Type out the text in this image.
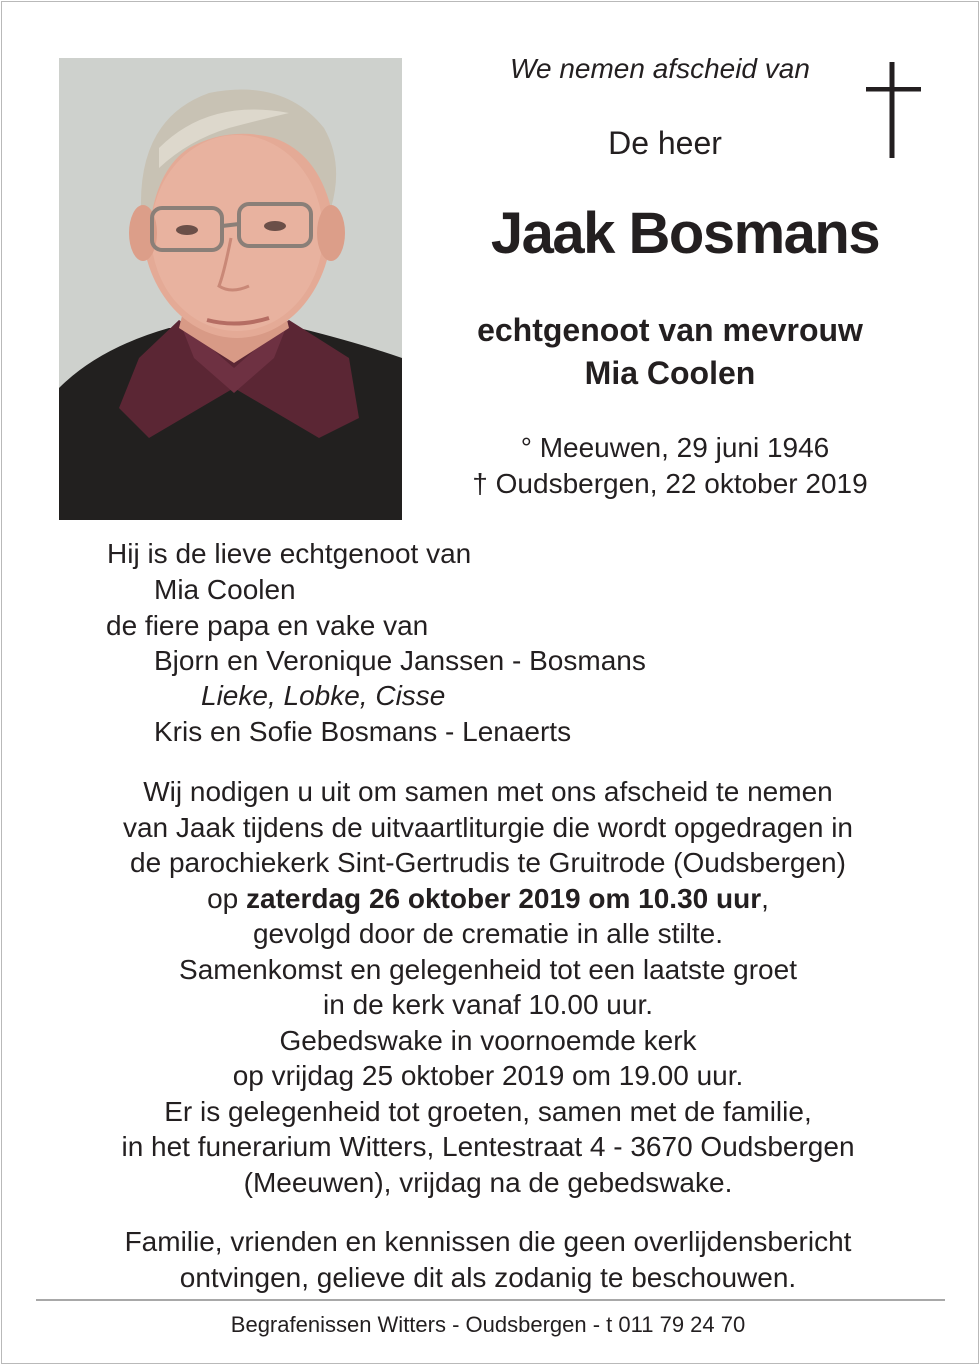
We nemen afscheid van
De heer
Jaak Bosmans
echtgenoot van mevrouw
Mia Coolen
° Meeuwen, 29 juni 1946
† Oudsbergen, 22 oktober 2019
Hij is de lieve echtgenoot van
Mia Coolen
de fiere papa en vake van
Bjorn en Veronique Janssen - Bosmans
Lieke, Lobke, Cisse
Kris en Sofie Bosmans - Lenaerts
Wij nodigen u uit om samen met ons afscheid te nemen
van Jaak tijdens de uitvaartliturgie die wordt opgedragen in
de parochiekerk Sint-Gertrudis te Gruitrode (Oudsbergen)
op zaterdag 26 oktober 2019 om 10.30 uur,
gevolgd door de crematie in alle stilte.
Samenkomst en gelegenheid tot een laatste groet
in de kerk vanaf 10.00 uur.
Gebedswake in voornoemde kerk
op vrijdag 25 oktober 2019 om 19.00 uur.
Er is gelegenheid tot groeten, samen met de familie,
in het funerarium Witters, Lentestraat 4 - 3670 Oudsbergen
(Meeuwen), vrijdag na de gebedswake.
Familie, vrienden en kennissen die geen overlijdensbericht
ontvingen, gelieve dit als zodanig te beschouwen.
Begrafenissen Witters - Oudsbergen - t 011 79 24 70
